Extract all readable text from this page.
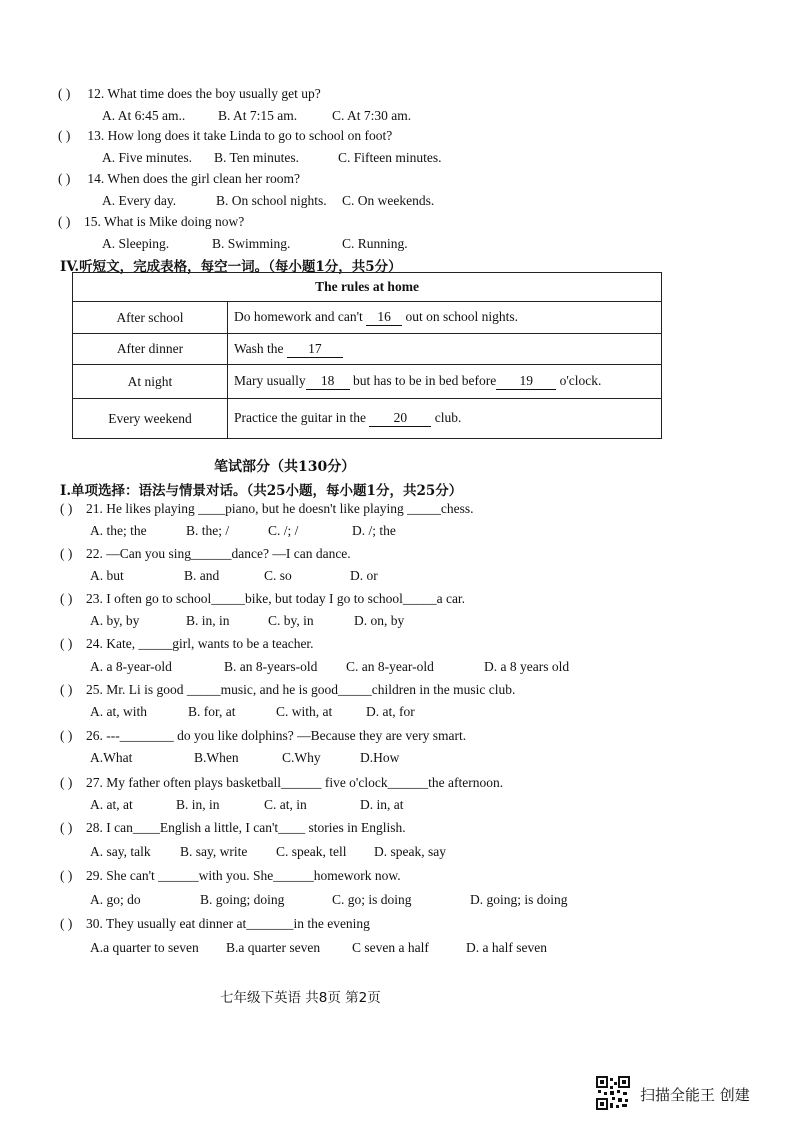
( ) 12. What time does the boy usually get up?
A. At 6:45 am.. B. At 7:15 am.	C. At 7:30 am.
( ) 13. How long does it take Linda to go to school on foot?
A. Five minutes. B. Ten minutes.	C. Fifteen minutes.
( ) 14. When does the girl clean her room?
A. Every day.	B. On school nights. C. On weekends.
( ) 15. What is Mike doing now?
A. Sleeping.	B. Swimming.	C. Running.
IV.听短文，完成表格，每空一词。（每小题1分，共5分）
The rules at home	
After school	Do homework and can't 16 out on school nights.
After dinner	Wash the 17
At night	Mary usually 18 but has to be in bed before 19 o'clock.
Every weekend	Practice the guitar in the 20 club.
笔试部分（共130分）
I.单项选择：语法与情景对话。（共25小题，每小题1分，共25分）
( ) 21. He likes playing ____piano, but he doesn't like playing _____chess.
A. the; the	B. the; /	C. /; /	D. /; the
( ) 22. —Can you sing______dance? —I can dance.
A. but	B. and	C. so	D. or
( ) 23. I often go to school_____bike, but today I go to school_____a car.
A. by, by	B. in, in	C. by, in	D. on, by
( ) 24. Kate, _____girl, wants to be a teacher.
A. a 8-year-old	B. an 8-years-old C. an 8-year-old	D. a 8 years old
( ) 25. Mr. Li is good _____music, and he is good_____children in the music club.
A. at, with	B. for, at	C. with, at	D. at, for
( ) 26. ---________ do you like dolphins? —Because they are very smart.
A.What	B.When	C.Why	D.How
( ) 27. My father often plays basketball______ five o'clock______the afternoon.
A. at, at	B. in, in	C. at, in	D. in, at
( ) 28. I can____English a little, I can't____ stories in English.
A. say, talk B. say, write C. speak, tell D. speak, say
( ) 29. She can't ______with you. She______homework now.
A. go; do	B. going; doing	C. go; is doing	D. going; is doing
( ) 30. They usually eat dinner at_______in the evening
A.a quarter to seven B.a quarter seven C seven a half	D. a half seven
七年级下英语 共8页 第2页
扫描全能王 创建
